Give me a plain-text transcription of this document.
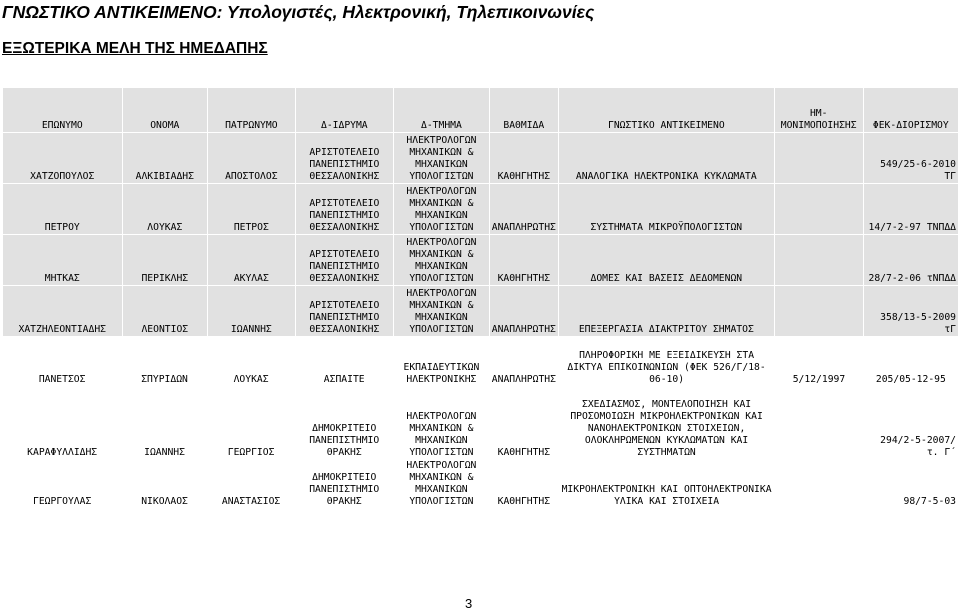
ΓΝΩΣΤΙΚΟ ΑΝΤΙΚΕΙΜΕΝΟ: Υπολογιστές, Ηλεκτρονική, Τηλεπικοινωνίες
ΕΞΩΤΕΡΙΚΑ ΜΕΛΗ ΤΗΣ ΗΜΕΔΑΠΗΣ
ΕΠΩΝΥΜΟ	ΟΝΟΜΑ	ΠΑΤΡΩΝΥΜΟ	Δ-ΙΔΡΥΜΑ	Δ-ΤΜΗΜΑ	ΒΑΘΜΙΔΑ	ΓΝΩΣΤΙΚΟ ΑΝΤΙΚΕΙΜΕΝΟ	ΗΜ-ΜΟΝΙΜΟΠΟΙΗΣΗΣ	ΦΕΚ-ΔΙΟΡΙΣΜΟΥ
ΧΑΤΖΟΠΟΥΛΟΣ	ΑΛΚΙΒΙΑΔΗΣ	ΑΠΟΣΤΟΛΟΣ	ΑΡΙΣΤΟΤΕΛΕΙΟ ΠΑΝΕΠΙΣΤΗΜΙΟ ΘΕΣΣΑΛΟΝΙΚΗΣ	ΗΛΕΚΤΡΟΛΟΓΩΝ ΜΗΧΑΝΙΚΩΝ & ΜΗΧΑΝΙΚΩΝ ΥΠΟΛΟΓΙΣΤΩΝ	ΚΑΘΗΓΗΤΗΣ	ΑΝΑΛΟΓΙΚΑ ΗΛΕΚΤΡΟΝΙΚΑ ΚΥΚΛΩΜΑΤΑ		549/25-6-2010 ΤΓ
ΠΕΤΡΟΥ	ΛΟΥΚΑΣ	ΠΕΤΡΟΣ	ΑΡΙΣΤΟΤΕΛΕΙΟ ΠΑΝΕΠΙΣΤΗΜΙΟ ΘΕΣΣΑΛΟΝΙΚΗΣ	ΗΛΕΚΤΡΟΛΟΓΩΝ ΜΗΧΑΝΙΚΩΝ & ΜΗΧΑΝΙΚΩΝ ΥΠΟΛΟΓΙΣΤΩΝ	ΑΝΑΠΛΗΡΩΤΗΣ	ΣΥΣΤΗΜΑΤΑ ΜΙΚΡΟΫΠΟΛΟΓΙΣΤΩΝ		14/7-2-97 ΤΝΠΔΔ
ΜΗΤΚΑΣ	ΠΕΡΙΚΛΗΣ	ΑΚΥΛΑΣ	ΑΡΙΣΤΟΤΕΛΕΙΟ ΠΑΝΕΠΙΣΤΗΜΙΟ ΘΕΣΣΑΛΟΝΙΚΗΣ	ΗΛΕΚΤΡΟΛΟΓΩΝ ΜΗΧΑΝΙΚΩΝ & ΜΗΧΑΝΙΚΩΝ ΥΠΟΛΟΓΙΣΤΩΝ	ΚΑΘΗΓΗΤΗΣ	ΔΟΜΕΣ ΚΑΙ ΒΑΣΕΙΣ ΔΕΔΟΜΕΝΩΝ		28/7-2-06 τΝΠΔΔ
ΧΑΤΖΗΛΕΟΝΤΙΑΔΗΣ	ΛΕΟΝΤΙΟΣ	ΙΩΑΝΝΗΣ	ΑΡΙΣΤΟΤΕΛΕΙΟ ΠΑΝΕΠΙΣΤΗΜΙΟ ΘΕΣΣΑΛΟΝΙΚΗΣ	ΗΛΕΚΤΡΟΛΟΓΩΝ ΜΗΧΑΝΙΚΩΝ & ΜΗΧΑΝΙΚΩΝ ΥΠΟΛΟΓΙΣΤΩΝ	ΑΝΑΠΛΗΡΩΤΗΣ	ΕΠΕΞΕΡΓΑΣΙΑ ΔΙΑΚΤΡΙΤΟΥ ΣΗΜΑΤΟΣ		358/13-5-2009 τΓ
ΠΑΝΕΤΣΟΣ	ΣΠΥΡΙΔΩΝ	ΛΟΥΚΑΣ	ΑΣΠΑΙΤΕ	ΕΚΠΑΙΔΕΥΤΙΚΩΝ ΗΛΕΚΤΡΟΝΙΚΗΣ	ΑΝΑΠΛΗΡΩΤΗΣ	ΠΛΗΡΟΦΟΡΙΚΗ ΜΕ ΕΞΕΙΔΙΚΕΥΣΗ ΣΤΑ ΔΙΚΤΥΑ ΕΠΙΚΟΙΝΩΝΙΩΝ (ΦΕΚ 526/Γ/18-06-10)	5/12/1997	205/05-12-95
ΚΑΡΑΦΥΛΛΙΔΗΣ	ΙΩΑΝΝΗΣ	ΓΕΩΡΓΙΟΣ	ΔΗΜΟΚΡΙΤΕΙΟ ΠΑΝΕΠΙΣΤΗΜΙΟ ΘΡΑΚΗΣ	ΗΛΕΚΤΡΟΛΟΓΩΝ ΜΗΧΑΝΙΚΩΝ & ΜΗΧΑΝΙΚΩΝ ΥΠΟΛΟΓΙΣΤΩΝ	ΚΑΘΗΓΗΤΗΣ	ΣΧΕΔΙΑΣΜΟΣ, ΜΟΝΤΕΛΟΠΟΙΗΣΗ ΚΑΙ ΠΡΟΣΟΜΟΙΩΣΗ ΜΙΚΡΟΗΛΕΚΤΡΟΝΙΚΩΝ ΚΑΙ ΝΑΝΟΗΛΕΚΤΡΟΝΙΚΩΝ ΣΤΟΙΧΕΙΩΝ, ΟΛΟΚΛΗΡΩΜΕΝΩΝ ΚΥΚΛΩΜΑΤΩΝ ΚΑΙ ΣΥΣΤΗΜΑΤΩΝ		294/2-5-2007/ τ. Γ΄
ΓΕΩΡΓΟΥΛΑΣ	ΝΙΚΟΛΑΟΣ	ΑΝΑΣΤΑΣΙΟΣ	ΔΗΜΟΚΡΙΤΕΙΟ ΠΑΝΕΠΙΣΤΗΜΙΟ ΘΡΑΚΗΣ	ΗΛΕΚΤΡΟΛΟΓΩΝ ΜΗΧΑΝΙΚΩΝ & ΜΗΧΑΝΙΚΩΝ ΥΠΟΛΟΓΙΣΤΩΝ	ΚΑΘΗΓΗΤΗΣ	ΜΙΚΡΟΗΛΕΚΤΡΟΝΙΚΗ ΚΑΙ ΟΠΤΟΗΛΕΚΤΡΟΝΙΚΑ ΥΛΙΚΑ ΚΑΙ ΣΤΟΙΧΕΙΑ		98/7-5-03

3
